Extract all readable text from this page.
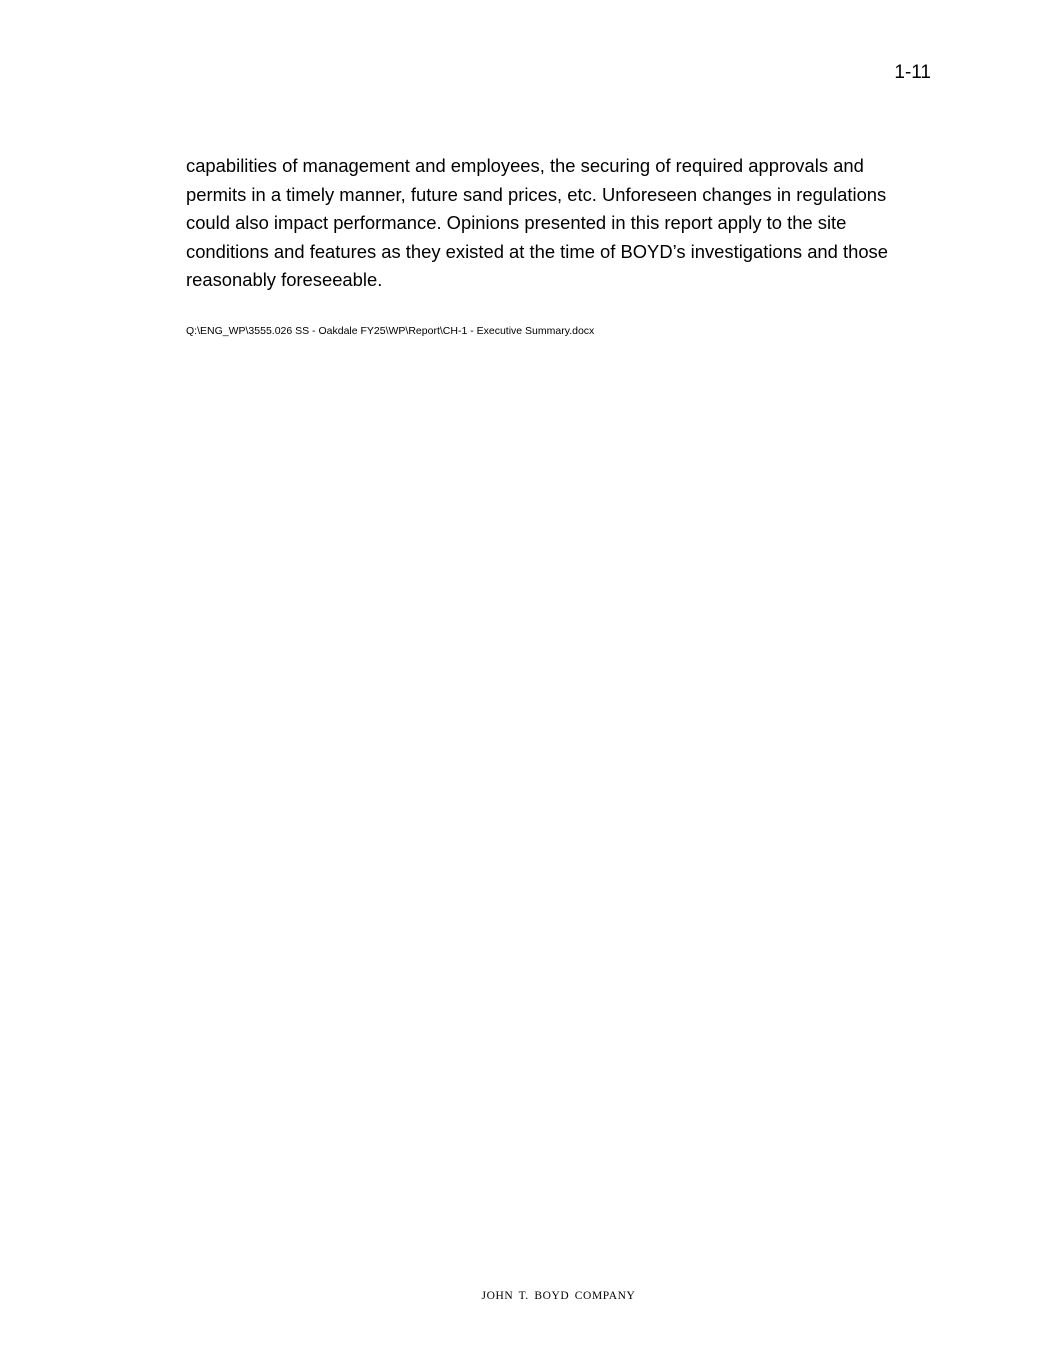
1-11

capabilities of management and employees, the securing of required approvals and
permits in a timely manner, future sand prices, etc. Unforeseen changes in regulations
could also impact performance. Opinions presented in this report apply to the site
conditions and features as they existed at the time of BOYD’s investigations and those
reasonably foreseeable.

Q:\ENG_WP\3555.026 SS - Oakdale FY25\WP\Report\CH-1 - Executive Summary.docx
JOHN T. BOYD COMPANY
